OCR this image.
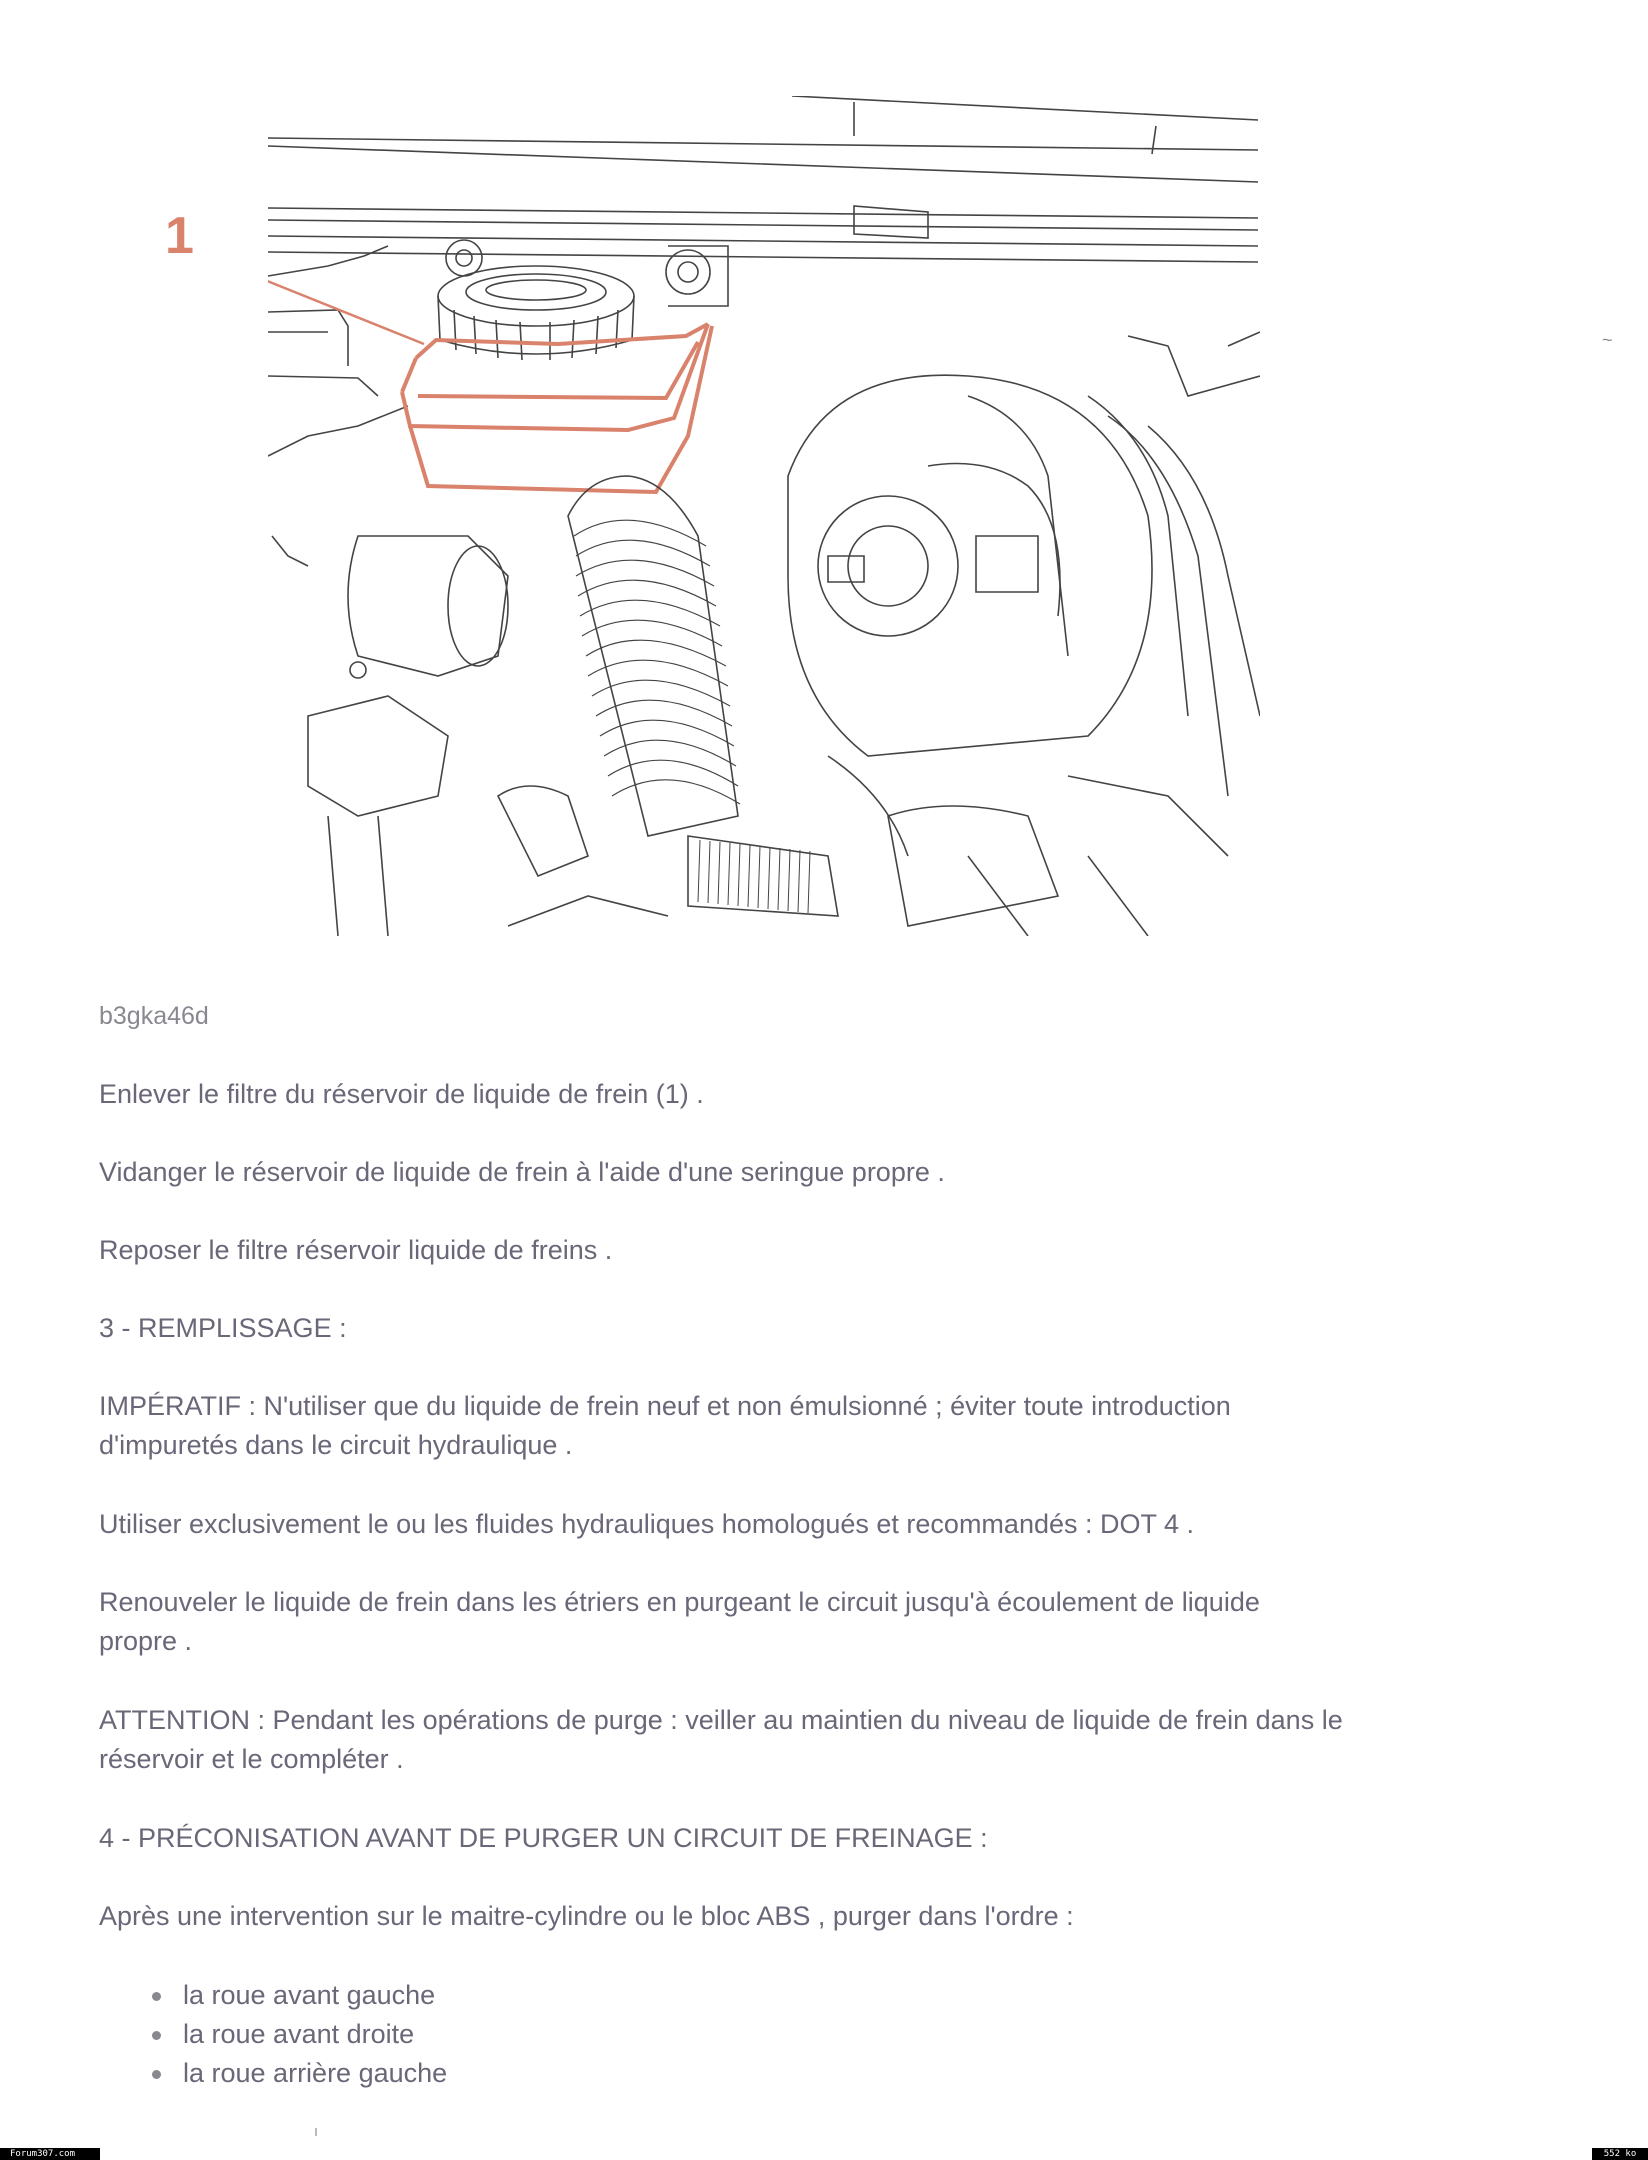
1
~

b3gka46d

Enlever le filtre du réservoir de liquide de frein (1) .

Vidanger le réservoir de liquide de frein à l'aide d'une seringue propre .

Reposer le filtre réservoir liquide de freins .

3 - REMPLISSAGE :

IMPÉRATIF : N'utiliser que du liquide de frein neuf et non émulsionné ; éviter toute introduction

d'impuretés dans le circuit hydraulique .

Utiliser exclusivement le ou les fluides hydrauliques homologués et recommandés : DOT 4 .

Renouveler le liquide de frein dans les étriers en purgeant le circuit jusqu'à écoulement de liquide

propre .

ATTENTION : Pendant les opérations de purge : veiller au maintien du niveau de liquide de frein dans le

réservoir et le compléter .

4 - PRÉCONISATION AVANT DE PURGER UN CIRCUIT DE FREINAGE :

Après une intervention sur le maitre-cylindre ou le bloc ABS , purger dans l'ordre :

la roue avant gauche
la roue avant droite
la roue arrière gauche
Forum307.com	552 ko
